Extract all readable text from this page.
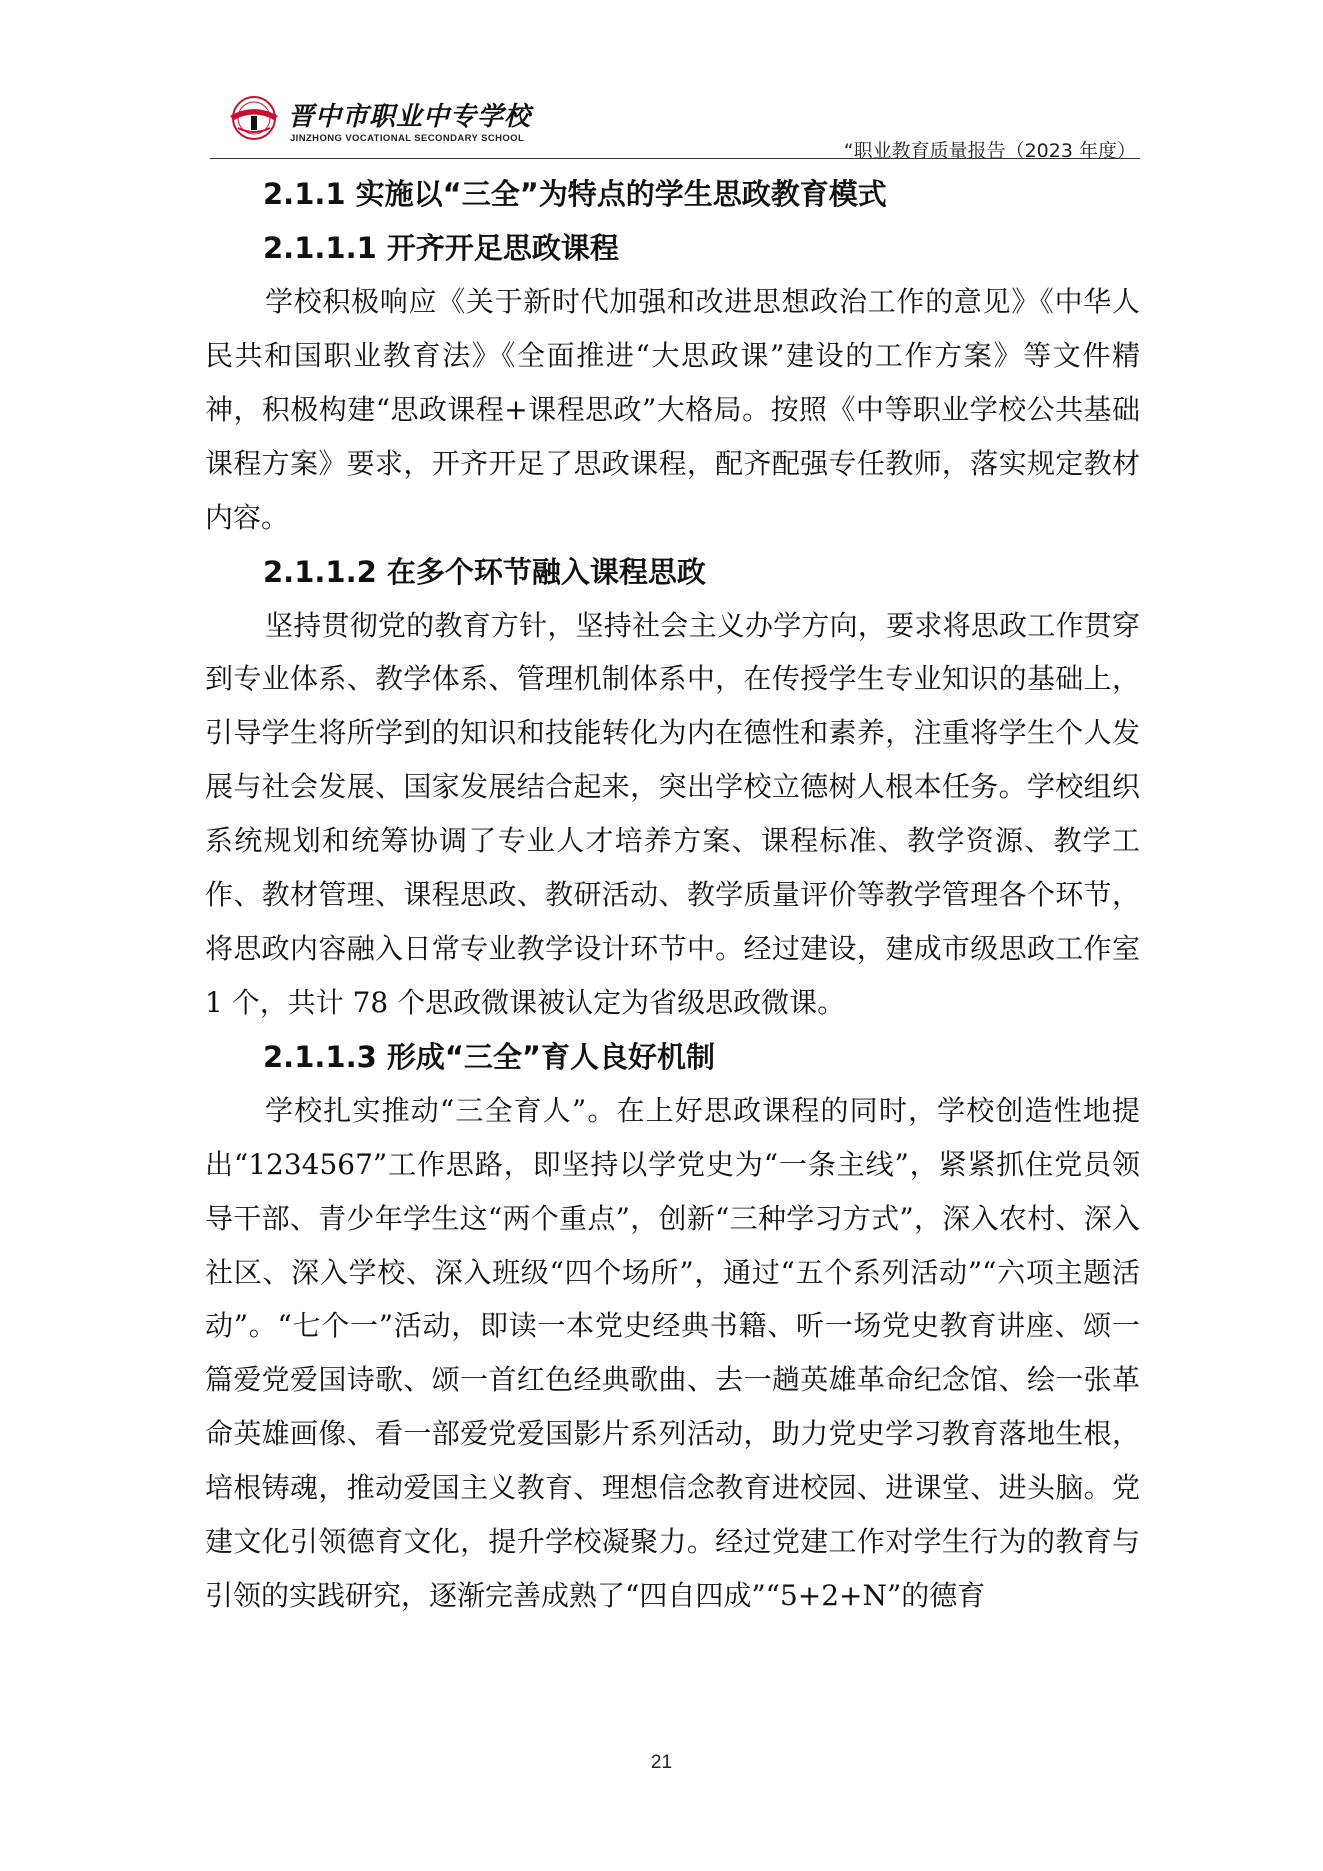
晋中市职业中专学校
JINZHONG VOCATIONAL SECONDARY SCHOOL
“职业教育质量报告（2023 年度）
2.1.1 实施以“三全”为特点的学生思政教育模式
2.1.1.1 开齐开足思政课程

学校积极响应《关于新时代加强和改进思想政治工作的意见》《中华人民共和国职业教育法》《全面推进“大思政课”建设的工作方案》等文件精神，积极构建“思政课程+课程思政”大格局。按照《中等职业学校公共基础课程方案》要求，开齐开足了思政课程，配齐配强专任教师，落实规定教材内容。

2.1.1.2 在多个环节融入课程思政

坚持贯彻党的教育方针，坚持社会主义办学方向，要求将思政工作贯穿到专业体系、教学体系、管理机制体系中，在传授学生专业知识的基础上，引导学生将所学到的知识和技能转化为内在德性和素养，注重将学生个人发展与社会发展、国家发展结合起来，突出学校立德树人根本任务。学校组织系统规划和统筹协调了专业人才培养方案、课程标准、教学资源、教学工作、教材管理、课程思政、教研活动、教学质量评价等教学管理各个环节，将思政内容融入日常专业教学设计环节中。经过建设，建成市级思政工作室 1 个，共计 78 个思政微课被认定为省级思政微课。

2.1.1.3 形成“三全”育人良好机制

学校扎实推动“三全育人”。在上好思政课程的同时，学校创造性地提出“1234567”工作思路，即坚持以学党史为“一条主线”，紧紧抓住党员领导干部、青少年学生这“两个重点”，创新“三种学习方式”，深入农村、深入社区、深入学校、深入班级“四个场所”，通过“五个系列活动”“六项主题活动”。“七个一”活动，即读一本党史经典书籍、听一场党史教育讲座、颂一篇爱党爱国诗歌、颂一首红色经典歌曲、去一趟英雄革命纪念馆、绘一张革命英雄画像、看一部爱党爱国影片系列活动，助力党史学习教育落地生根，培根铸魂，推动爱国主义教育、理想信念教育进校园、进课堂、进头脑。党建文化引领德育文化，提升学校凝聚力。经过党建工作对学生行为的教育与引领的实践研究，逐渐完善成熟了“四自四成”“5+2+N”的德育

21
